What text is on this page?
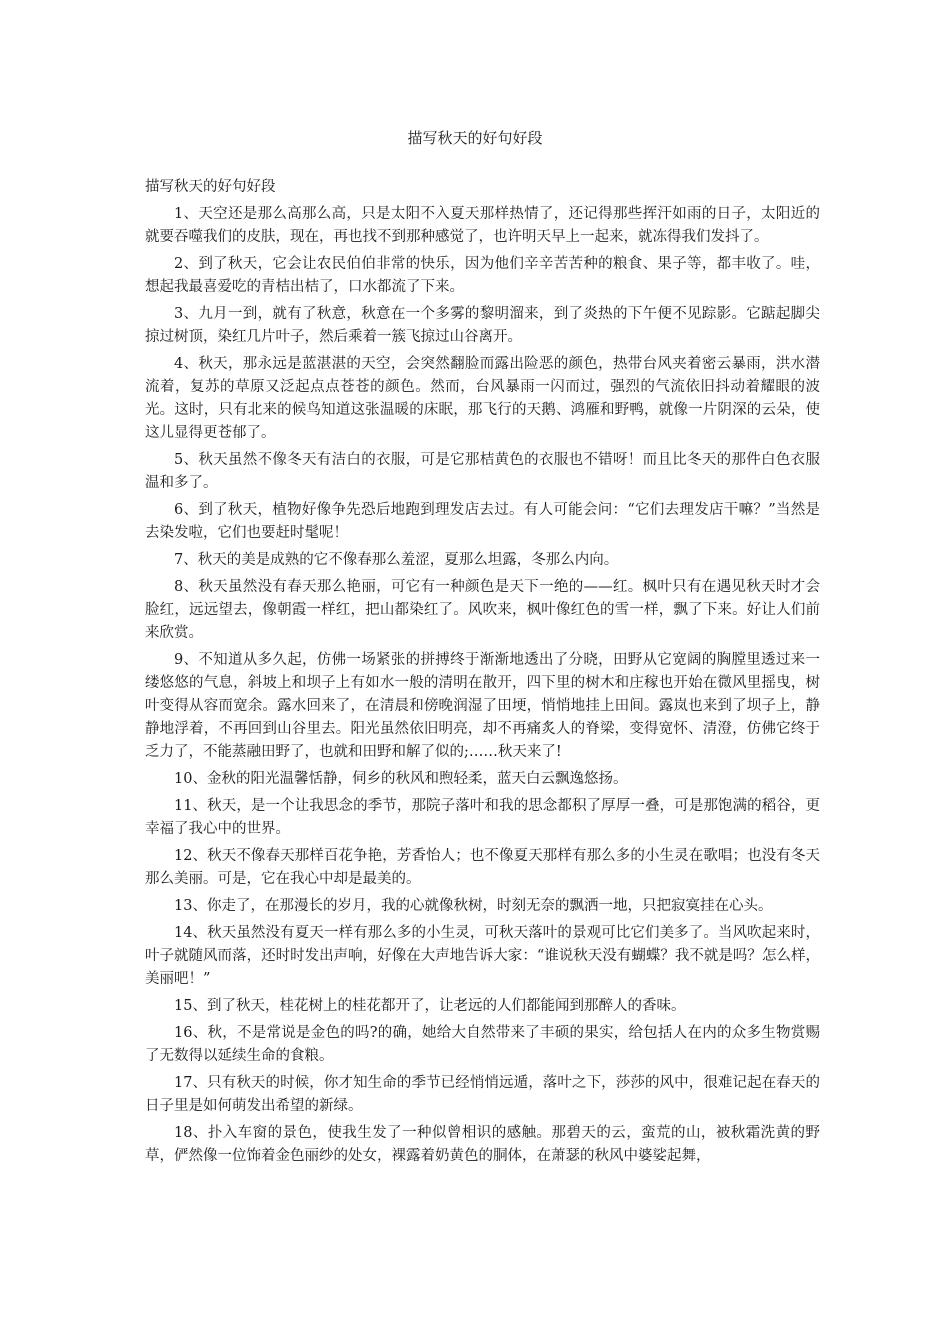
描写秋天的好句好段

描写秋天的好句好段

1、天空还是那么高那么高，只是太阳不入夏天那样热情了，还记得那些挥汗如雨的日子，太阳近的就要吞噬我们的皮肤，现在，再也找不到那种感觉了，也许明天早上一起来，就冻得我们发抖了。

2、到了秋天，它会让农民伯伯非常的快乐，因为他们辛辛苦苦种的粮食、果子等，都丰收了。哇，想起我最喜爱吃的青桔出桔了，口水都流了下来。

3、九月一到，就有了秋意，秋意在一个多雾的黎明溜来，到了炎热的下午便不见踪影。它踮起脚尖掠过树顶，染红几片叶子，然后乘着一簇飞掠过山谷离开。

4、秋天，那永远是蓝湛湛的天空，会突然翻脸而露出险恶的颜色，热带台风夹着密云暴雨，洪水潜流着，复苏的草原又泛起点点苍苍的颜色。然而，台风暴雨一闪而过，强烈的气流依旧抖动着耀眼的波光。这时，只有北来的候鸟知道这张温暖的床眠，那飞行的天鹅、鸿雁和野鸭，就像一片阴深的云朵，使这儿显得更苍郁了。

5、秋天虽然不像冬天有洁白的衣服，可是它那桔黄色的衣服也不错呀！而且比冬天的那件白色衣服温和多了。

6、到了秋天，植物好像争先恐后地跑到理发店去过。有人可能会问：“它们去理发店干嘛？”当然是去染发啦，它们也要赶时髦呢！

7、秋天的美是成熟的它不像春那么羞涩，夏那么坦露，冬那么内向。

8、秋天虽然没有春天那么艳丽，可它有一种颜色是天下一绝的——红。枫叶只有在遇见秋天时才会脸红，远远望去，像朝霞一样红，把山都染红了。风吹来，枫叶像红色的雪一样，飘了下来。好让人们前来欣赏。

9、不知道从多久起，仿佛一场紧张的拼搏终于渐渐地透出了分晓，田野从它宽阔的胸膛里透过来一缕悠悠的气息，斜坡上和坝子上有如水一般的清明在散开，四下里的树木和庄稼也开始在微风里摇曳，树叶变得从容而宽余。露水回来了，在清晨和傍晚润湿了田埂，悄悄地挂上田间。露岚也来到了坝子上，静静地浮着，不再回到山谷里去。阳光虽然依旧明亮，却不再痛炙人的脊梁，变得宽怀、清澄，仿佛它终于乏力了，不能蒸融田野了，也就和田野和解了似的;……秋天来了!

10、金秋的阳光温馨恬静，伺乡的秋风和煦轻柔，蓝天白云飘逸悠扬。

11、秋天，是一个让我思念的季节，那院子落叶和我的思念都积了厚厚一叠，可是那饱满的稻谷，更幸福了我心中的世界。

12、秋天不像春天那样百花争艳，芳香怡人；也不像夏天那样有那么多的小生灵在歌唱；也没有冬天那么美丽。可是，它在我心中却是最美的。

13、你走了，在那漫长的岁月，我的心就像秋树，时刻无奈的飘洒一地，只把寂寞挂在心头。

14、秋天虽然没有夏天一样有那么多的小生灵，可秋天落叶的景观可比它们美多了。当风吹起来时，叶子就随风而落，还时时发出声响，好像在大声地告诉大家：“谁说秋天没有蝴蝶？我不就是吗？怎么样，美丽吧！”

15、到了秋天，桂花树上的桂花都开了，让老远的人们都能闻到那醉人的香味。

16、秋，不是常说是金色的吗?的确，她给大自然带来了丰硕的果实，给包括人在内的众多生物赏赐了无数得以延续生命的食粮。

17、只有秋天的时候，你才知生命的季节已经悄悄远遁，落叶之下，莎莎的风中，很难记起在春天的日子里是如何萌发出希望的新绿。

18、扑入车窗的景色，使我生发了一种似曾相识的感触。那碧天的云，蛮荒的山，被秋霜洗黄的野草，俨然像一位饰着金色丽纱的处女，裸露着奶黄色的胴体，在萧瑟的秋风中婆娑起舞，
